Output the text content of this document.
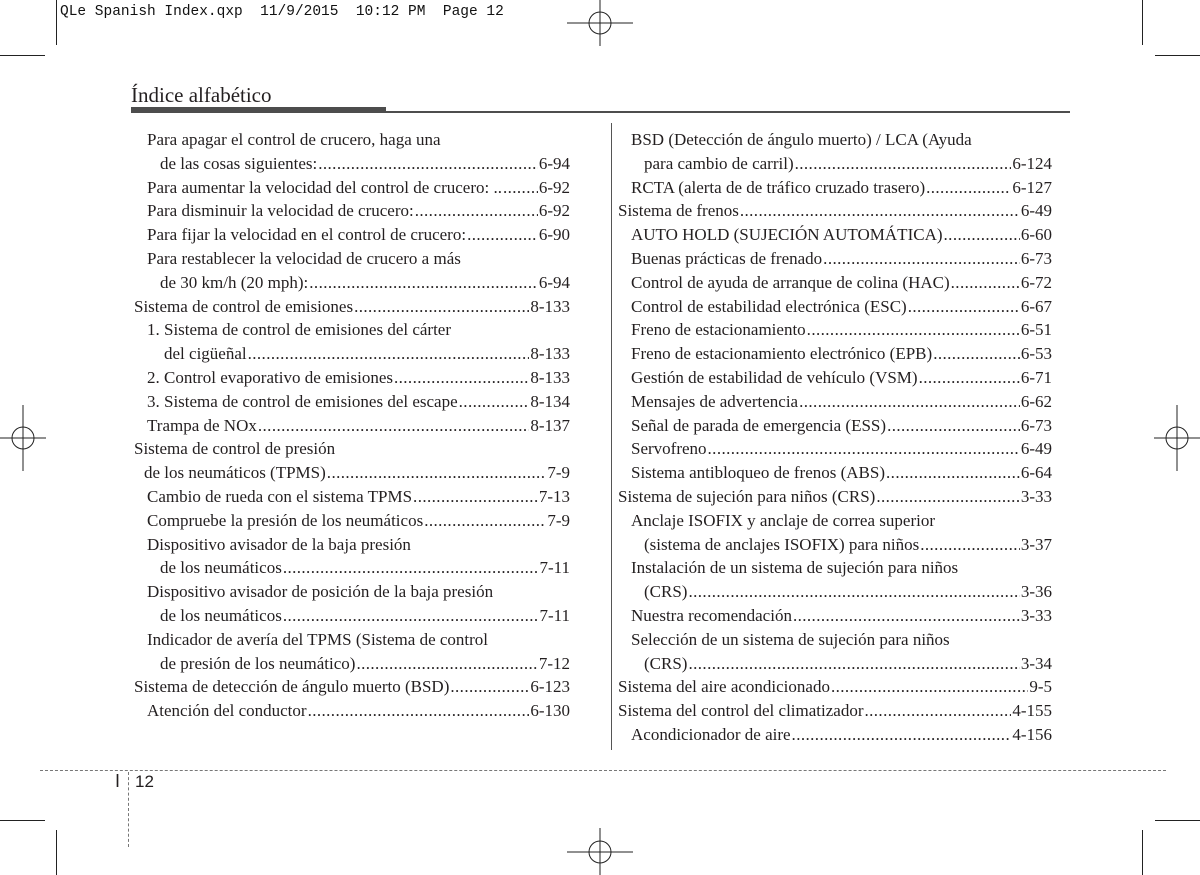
QLe Spanish Index.qxp  11/9/2015  10:12 PM  Page 12
Índice alfabético
Para apagar el control de crucero, haga una
de las cosas siguientes: .....	6-94
Para aumentar la velocidad del control de crucero: .. ..... 6-92
Para disminuir la velocidad de crucero: .....	6-92
Para fijar la velocidad en el control de crucero: .....	6-90
Para restablecer la velocidad de crucero a más
de 30 km/h (20 mph): .....	6-94
Sistema de control de emisiones .....	8-133
1. Sistema de control de emisiones del cárter
del cigüeñal .....	8-133
2. Control evaporativo de emisiones .....	8-133
3. Sistema de control de emisiones del escape .....	8-134
Trampa de NOx .....	8-137
Sistema de control de presión
de los neumáticos (TPMS) .....	7-9
Cambio de rueda con el sistema TPMS .....	7-13
Compruebe la presión de los neumáticos .....	7-9
Dispositivo avisador de la baja presión
de los neumáticos .....	7-11
Dispositivo avisador de posición de la baja presión
de los neumáticos .....	7-11
Indicador de avería del TPMS (Sistema de control
de presión de los neumático) .....	7-12
Sistema de detección de ángulo muerto (BSD) .....	6-123
Atención del conductor .....	6-130
BSD (Detección de ángulo muerto) / LCA (Ayuda
para cambio de carril) .....	6-124
RCTA (alerta de de tráfico cruzado trasero) .....	6-127
Sistema de frenos .....	6-49
AUTO HOLD (SUJECIÓN AUTOMÁTICA) .....	6-60
Buenas prácticas de frenado .....	6-73
Control de ayuda de arranque de colina (HAC) .....	6-72
Control de estabilidad electrónica (ESC) .....	6-67
Freno de estacionamiento .....	6-51
Freno de estacionamiento electrónico (EPB) .....	6-53
Gestión de estabilidad de vehículo (VSM) .....	6-71
Mensajes de advertencia .....	6-62
Señal de parada de emergencia (ESS) .....	6-73
Servofreno .....	6-49
Sistema antibloqueo de frenos (ABS) .....	6-64
Sistema de sujeción para niños (CRS) .....	3-33
Anclaje ISOFIX y anclaje de correa superior
(sistema de anclajes ISOFIX) para niños .....	3-37
Instalación de un sistema de sujeción para niños
(CRS) .....	3-36
Nuestra recomendación .....	3-33
Selección de un sistema de sujeción para niños
(CRS) .....	3-34
Sistema del aire acondicionado .....	9-5
Sistema del control del climatizador .....	4-155
Acondicionador de aire .....	4-156
I 12
